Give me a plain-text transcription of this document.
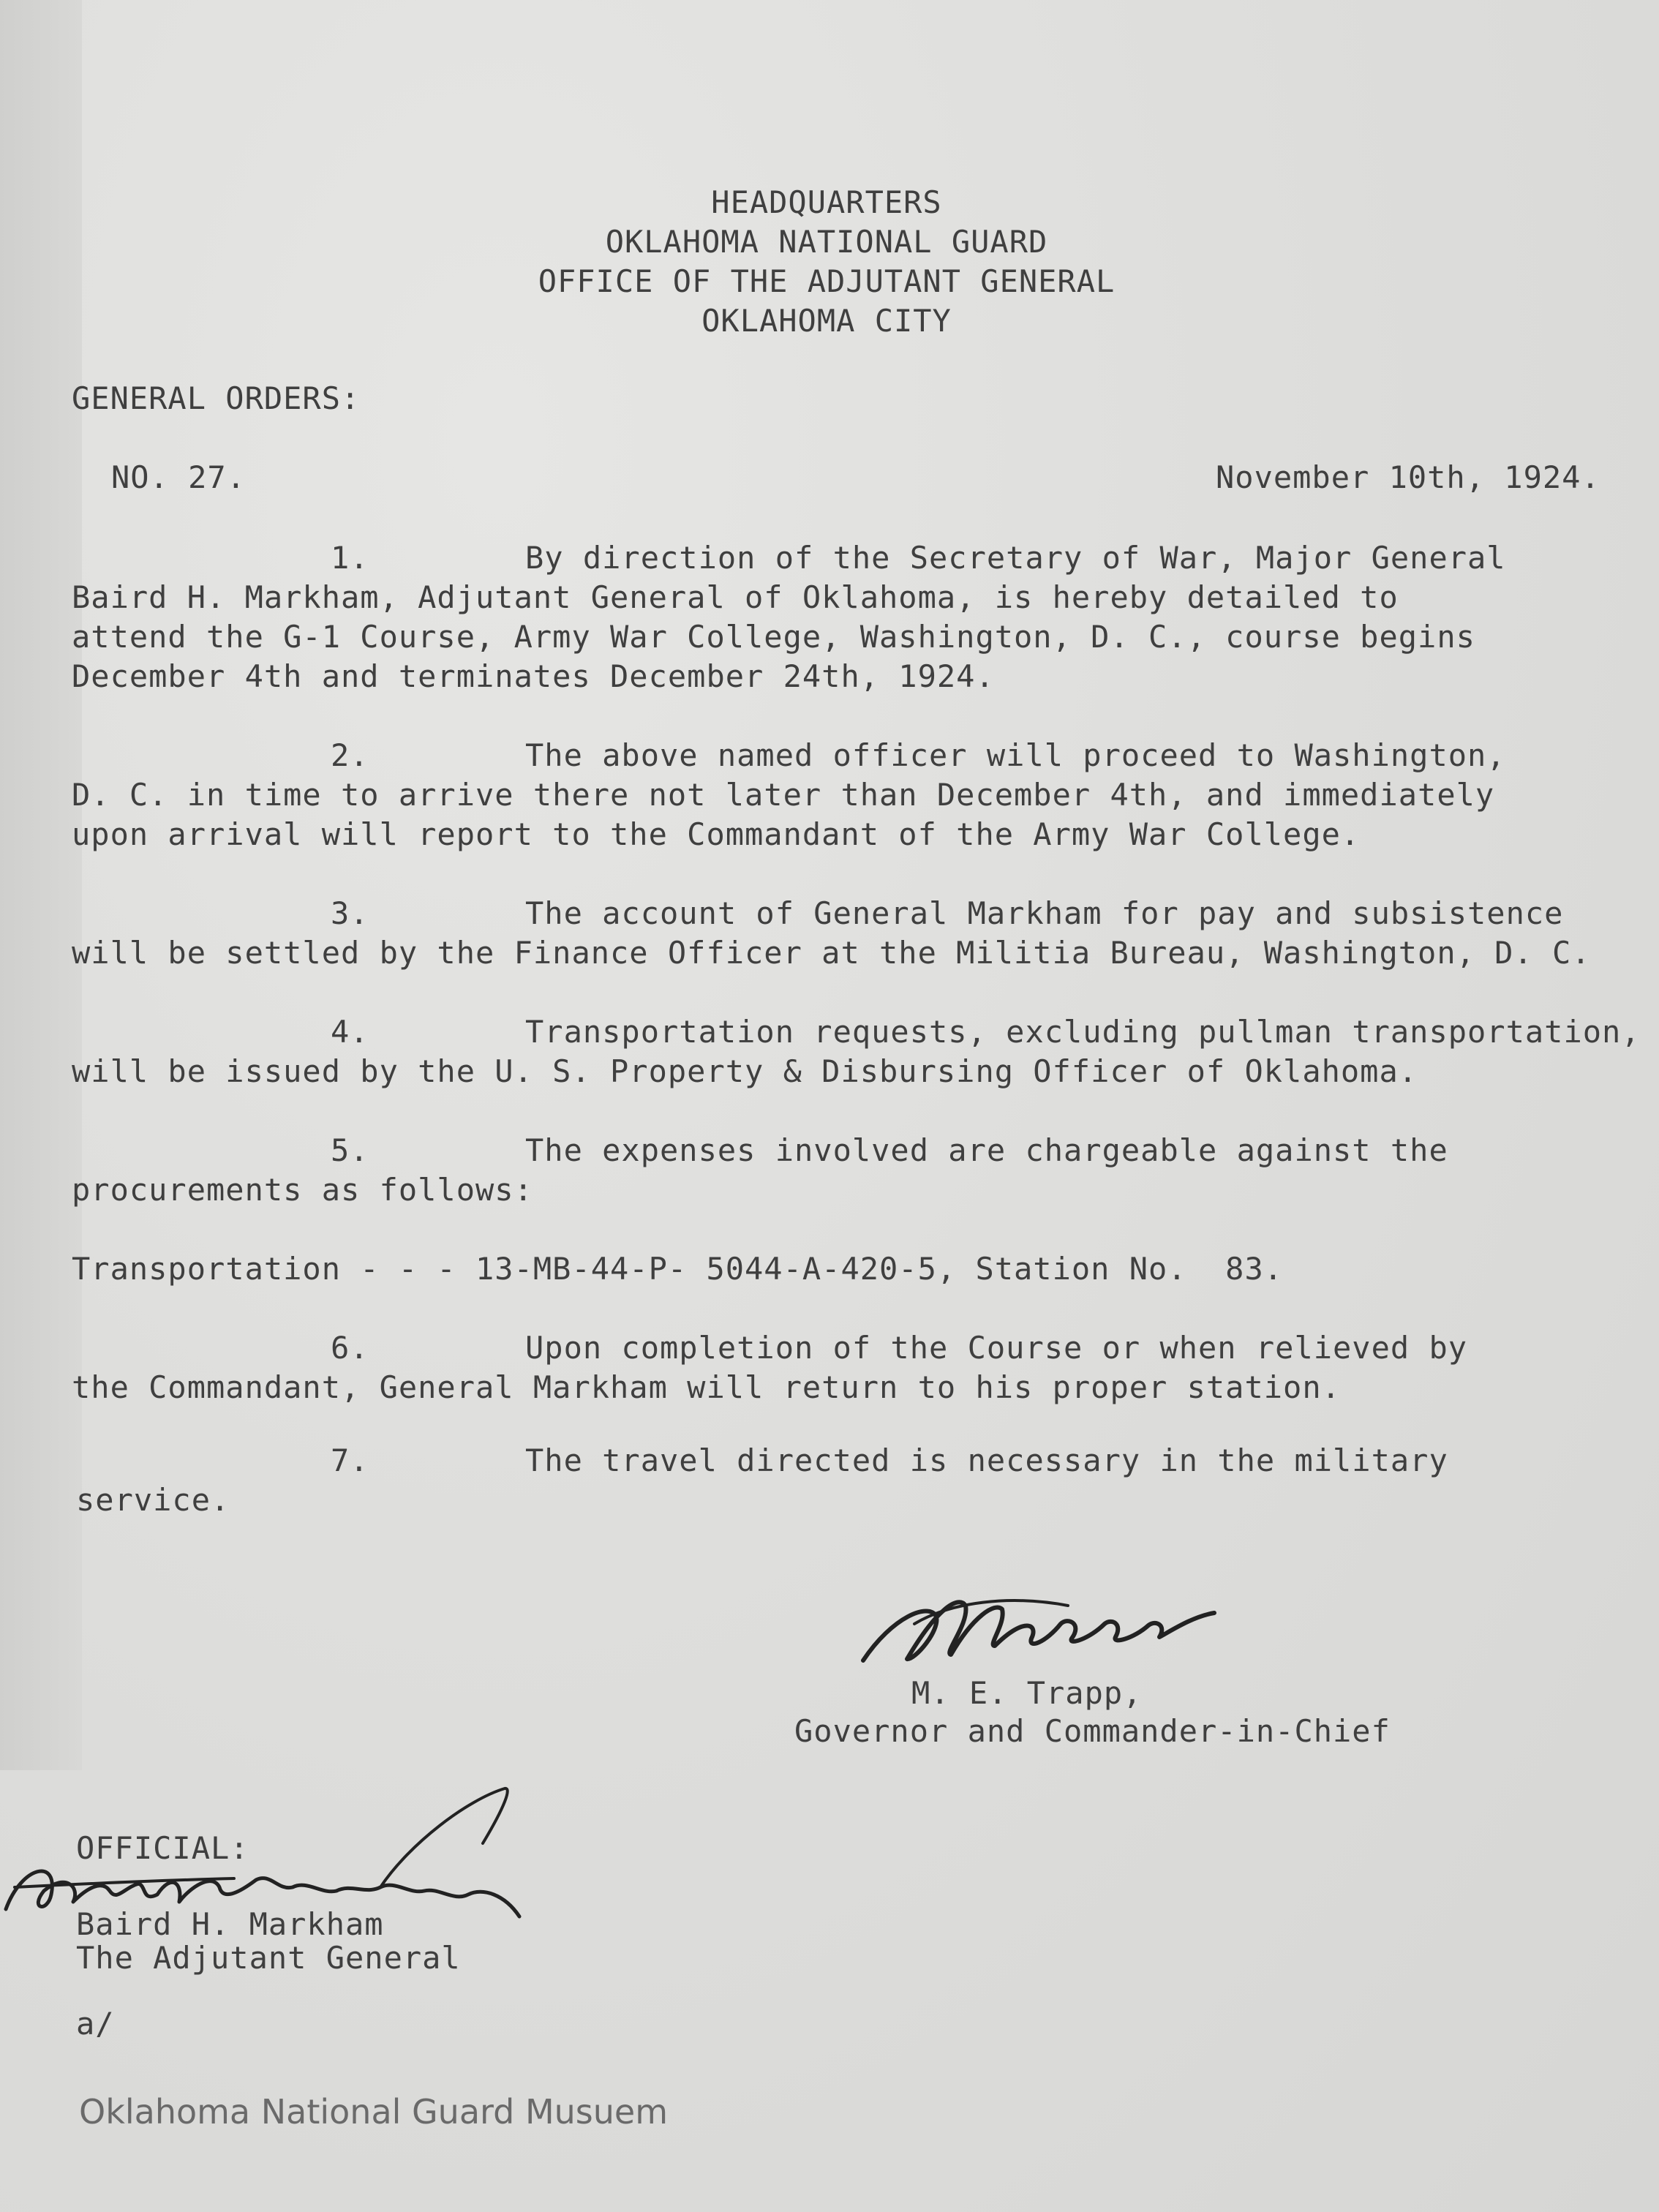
HEADQUARTERS
OKLAHOMA NATIONAL GUARD
OFFICE OF THE ADJUTANT GENERAL
OKLAHOMA CITY
GENERAL ORDERS:
NO. 27.	November 10th, 1924.
1.	By direction of the Secretary of War, Major General
Baird H. Markham, Adjutant General of Oklahoma, is hereby detailed to
attend the G-1 Course, Army War College, Washington, D. C., course begins
December 4th and terminates December 24th, 1924.
2.	The above named officer will proceed to Washington,
D. C. in time to arrive there not later than December 4th, and immediately
upon arrival will report to the Commandant of the Army War College.
3.	The account of General Markham for pay and subsistence
will be settled by the Finance Officer at the Militia Bureau, Washington, D. C.
4.	Transportation requests, excluding pullman transportation,
will be issued by the U. S. Property & Disbursing Officer of Oklahoma.
5.	The expenses involved are chargeable against the
procurements as follows:
Transportation - - - 13-MB-44-P- 5044-A-420-5, Station No.  83.
6.	Upon completion of the Course or when relieved by
the Commandant, General Markham will return to his proper station.
7.	The travel directed is necessary in the military
service.
M. E. Trapp,
Governor and Commander-in-Chief
OFFICIAL:
Baird H. Markham
The Adjutant General
a/
Oklahoma National Guard Musuem
